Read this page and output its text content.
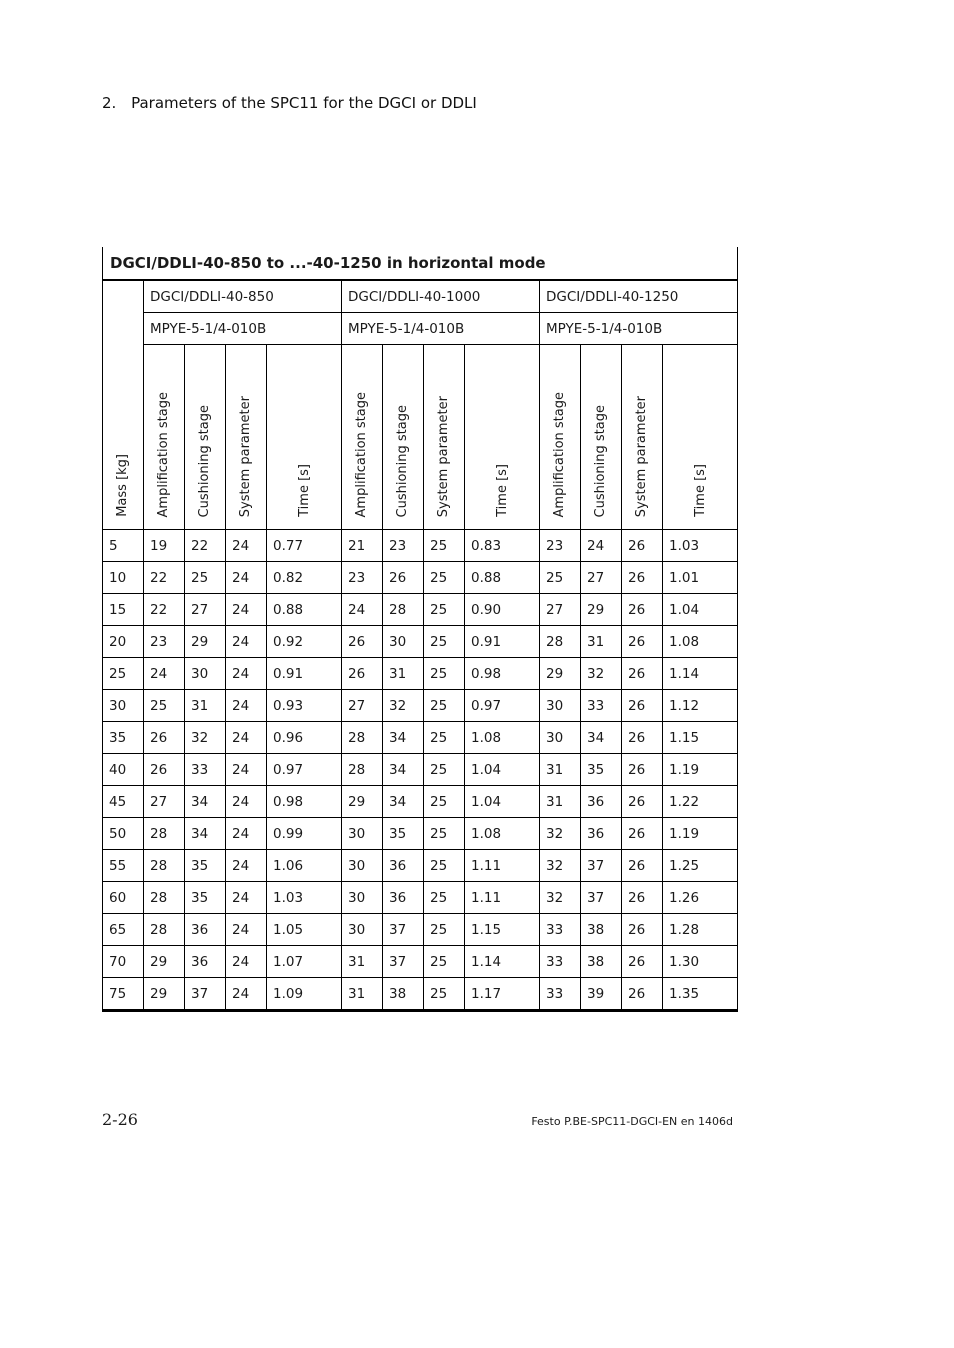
2. Parameters of the SPC11 for the DGCI or DDLI
DGCI/DDLI-40-850 to ...-40-1250 in horizontal mode												
Mass [kg]	DGCI/DDLI-40-850				DGCI/DDLI-40-1000				DGCI/DDLI-40-1250			
	MPYE-5-1/4-010B				MPYE-5-1/4-010B				MPYE-5-1/4-010B			
	Amplification stage	Cushioning stage	System parameter	Time [s]	Amplification stage	Cushioning stage	System parameter	Time [s]	Amplification stage	Cushioning stage	System parameter	Time [s]
5	19	22	24	0.77	21	23	25	0.83	23	24	26	1.03
10	22	25	24	0.82	23	26	25	0.88	25	27	26	1.01
15	22	27	24	0.88	24	28	25	0.90	27	29	26	1.04
20	23	29	24	0.92	26	30	25	0.91	28	31	26	1.08
25	24	30	24	0.91	26	31	25	0.98	29	32	26	1.14
30	25	31	24	0.93	27	32	25	0.97	30	33	26	1.12
35	26	32	24	0.96	28	34	25	1.08	30	34	26	1.15
40	26	33	24	0.97	28	34	25	1.04	31	35	26	1.19
45	27	34	24	0.98	29	34	25	1.04	31	36	26	1.22
50	28	34	24	0.99	30	35	25	1.08	32	36	26	1.19
55	28	35	24	1.06	30	36	25	1.11	32	37	26	1.25
60	28	35	24	1.03	30	36	25	1.11	32	37	26	1.26
65	28	36	24	1.05	30	37	25	1.15	33	38	26	1.28
70	29	36	24	1.07	31	37	25	1.14	33	38	26	1.30
75	29	37	24	1.09	31	38	25	1.17	33	39	26	1.35
2-26	Festo P.BE-SPC11-DGCI-EN en 1406d
